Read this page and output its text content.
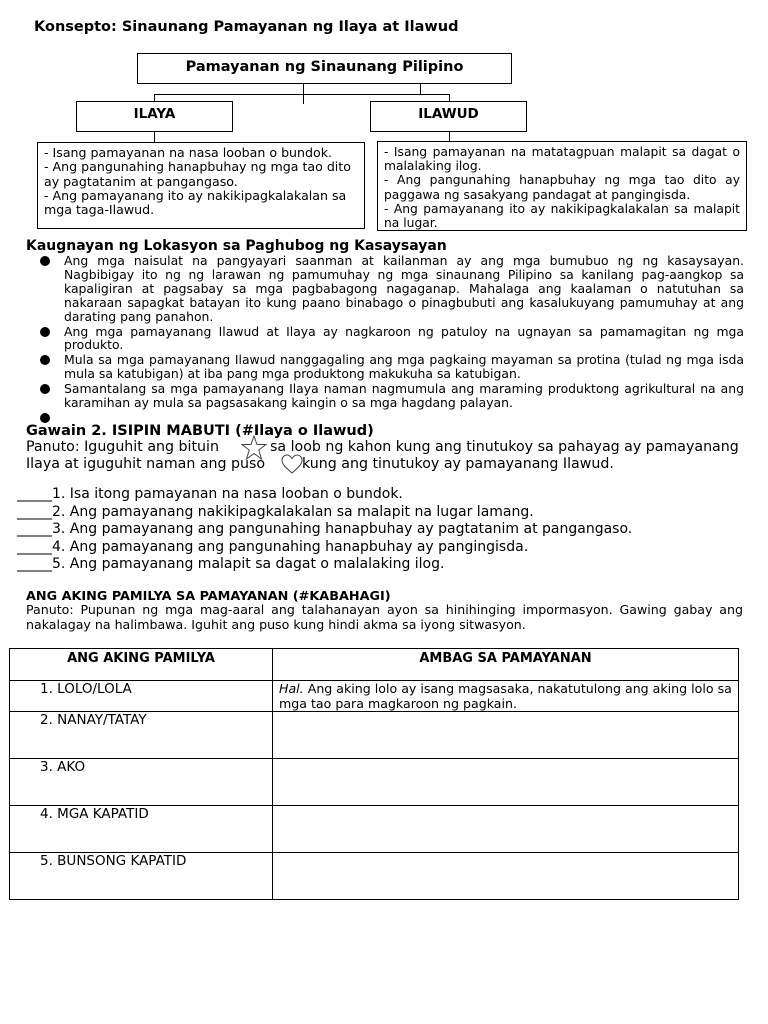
Konsepto: Sinaunang Pamayanan ng Ilaya at Ilawud
Pamayanan ng Sinaunang Pilipino
ILAYA	ILAWUD
- Isang pamayanan na nasa looban o bundok.
- Ang pangunahing hanapbuhay ng mga tao dito ay pagtatanim at pangangaso.
- Ang pamayanang ito ay nakikipagkalakalan sa mga taga-Ilawud.
- Isang pamayanan na matatagpuan malapit sa dagat o malalaking ilog.
- Ang pangunahing hanapbuhay ng mga tao dito ay paggawa ng sasakyang pandagat at pangingisda.
- Ang pamayanang ito ay nakikipagkalakalan sa malapit na lugar.
Kaugnayan ng Lokasyon sa Paghubog ng Kasaysayan
Ang mga naisulat na pangyayari saanman at kailanman ay ang mga bumubuo ng ng kasaysayan. Nagbibigay ito ng ng larawan ng pamumuhay ng mga sinaunang Pilipino sa kanilang pag-aangkop sa kapaligiran at pagsabay sa mga pagbabagong nagaganap. Mahalaga ang kaalaman o natutuhan sa nakaraan sapagkat batayan ito kung paano binabago o pinagbubuti ang kasalukuyang pamumuhay at ang darating pang panahon.
Ang mga pamayanang Ilawud at Ilaya ay nagkaroon ng patuloy na ugnayan sa pamamagitan ng mga produkto.
Mula sa mga pamayanang Ilawud nanggagaling ang mga pagkaing mayaman sa protina (tulad ng mga isda mula sa katubigan) at iba pang mga produktong makukuha sa katubigan.
Samantalang sa mga pamayanang Ilaya naman nagmumula ang maraming produktong agrikultural na ang karamihan ay mula sa pagsasakang kaingin o sa mga hagdang palayan.
Gawain 2. ISIPIN MABUTI (#Ilaya o Ilawud)
Panuto: Iguguhit ang bituin	sa loob ng kahon kung ang tinutukoy sa pahayag ay pamayanang
Ilaya at iguguhit naman ang puso	kung ang tinutukoy ay pamayanang Ilawud.
_____1. Isa itong pamayanan na nasa looban o bundok.
_____2. Ang pamayanang nakikipagkalakalan sa malapit na lugar lamang.
_____3. Ang pamayanang ang pangunahing hanapbuhay ay pagtatanim at pangangaso.
_____4. Ang pamayanang ang pangunahing hanapbuhay ay pangingisda.
_____5. Ang pamayanang malapit sa dagat o malalaking ilog.
ANG AKING PAMILYA SA PAMAYANAN (#KABAHAGI)
Panuto: Pupunan ng mga mag-aaral ang talahanayan ayon sa hinihinging impormasyon. Gawing gabay ang nakalagay na halimbawa. Iguhit ang puso kung hindi akma sa iyong sitwasyon.
ANG AKING PAMILYA	AMBAG SA PAMAYANAN
1. LOLO/LOLA	Hal. Ang aking lolo ay isang magsasaka, nakatutulong ang aking lolo sa mga tao para magkaroon ng pagkain.
2. NANAY/TATAY	
3. AKO	
4. MGA KAPATID	
5. BUNSONG KAPATID	
